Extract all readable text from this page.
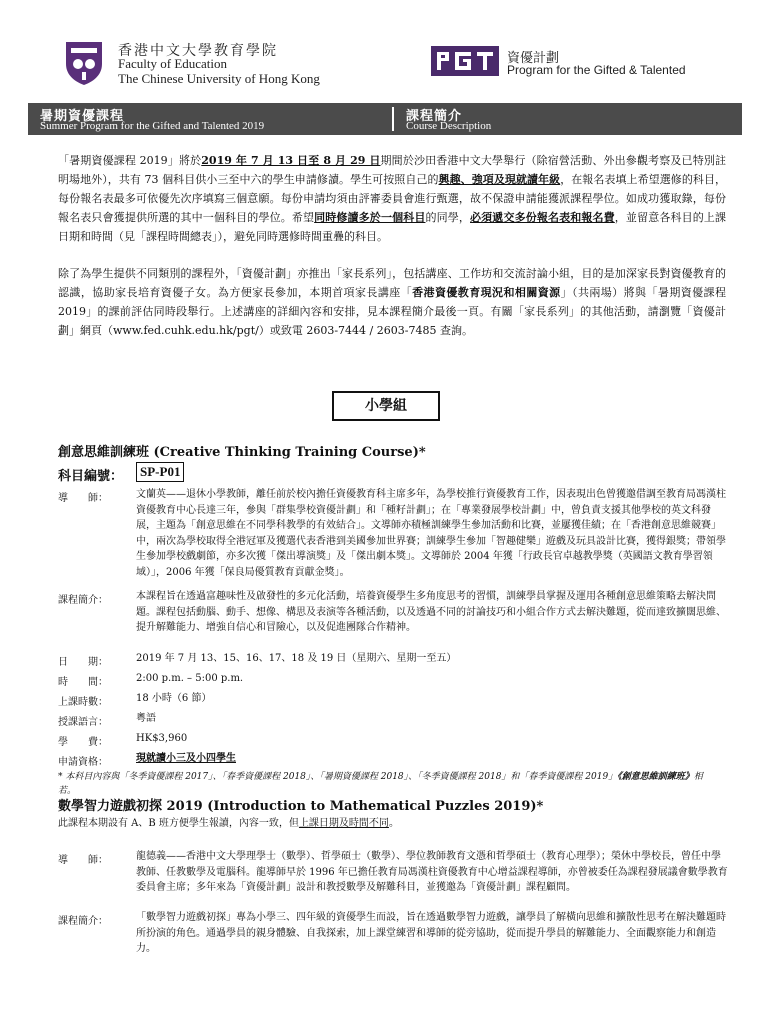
香港中文大學教育學院
Faculty of Education
The Chinese University of Hong Kong
資優計劃
Program for the Gifted & Talented
暑期資優課程
Summer Program for the Gifted and Talented 2019
課程簡介
Course Description
「暑期資優課程 2019」將於2019 年 7 月 13 日至 8 月 29 日期間於沙田香港中文大學舉行（除宿營活動、外出參觀考察及已特別註明場地外），共有 73 個科目供小三至中六的學生申請修讀。學生可按照自己的興趣、強項及現就讀年級，在報名表填上希望選修的科目，每份報名表最多可依優先次序填寫三個意願。每份申請均須由評審委員會進行甄選，故不保證申請能獲派課程學位。如成功獲取錄，每份報名表只會獲提供所選的其中一個科目的學位。希望同時修讀多於一個科目的同學，必須遞交多份報名表和報名費，並留意各科目的上課日期和時間（見「課程時間總表」），避免同時選修時間重疊的科目。
除了為學生提供不同類別的課程外，「資優計劃」亦推出「家長系列」，包括講座、工作坊和交流討論小組，目的是加深家長對資優教育的認識，協助家長培育資優子女。為方便家長參加，本期首項家長講座「香港資優教育現況和相關資源」（共兩場）將與「暑期資優課程 2019」的課前評估同時段舉行。上述講座的詳細內容和安排，見本課程簡介最後一頁。有關「家長系列」的其他活動，請瀏覽「資優計劃」網頁（www.fed.cuhk.edu.hk/pgt/）或致電 2603-7444 / 2603-7485 查詢。
小學組
創意思維訓練班 (Creative Thinking Training Course)*
科目編號：	SP-P01
導　　師：	文蘭英——退休小學教師，離任前於校內擔任資優教育科主席多年，為學校推行資優教育工作，因表現出色曾獲邀借調至教育局馮漢柱資優教育中心長達三年，參與「群集學校資優計劃」和「種籽計劃」；在「專業發展學校計劃」中，曾負責支援其他學校的英文科發展，主題為「創意思維在不同學科教學的有效結合」。文導師亦積極訓練學生參加活動和比賽，並屢獲佳績；在「香港創意思維競賽」中，兩次為學校取得全港冠軍及獲選代表香港到美國參加世界賽；訓練學生參加「智趣健樂」遊戲及玩具設計比賽，獲得銀獎；帶領學生參加學校戲劇節，亦多次獲「傑出導演獎」及「傑出劇本獎」。文導師於 2004 年獲「行政長官卓越教學獎（英國語文教育學習領域）」，2006 年獲「保良局優質教育貢獻金獎」。
課程簡介：	本課程旨在透過富趣味性及啟發性的多元化活動，培養資優學生多角度思考的習慣，訓練學員掌握及運用各種創意思維策略去解決問題。課程包括動腦、動手、想像、構思及表演等各種活動，以及透過不同的討論技巧和小組合作方式去解決難題，從而達致擴闊思維、提升解難能力、增強自信心和冒險心，以及促進團隊合作精神。
日　　期：	2019 年 7 月 13、15、16、17、18 及 19 日（星期六、星期一至五）
時　　間：	2:00 p.m. – 5:00 p.m.
上課時數：	18 小時（6 節）
授課語言：	粵語
學　　費：	HK$3,960
申請資格：	現就讀小三及小四學生
* 本科目內容與「冬季資優課程 2017」、「春季資優課程 2018」、「暑期資優課程 2018」、「冬季資優課程 2018」和「春季資優課程 2019」《創意思維訓練班》相若。
數學智力遊戲初探 2019 (Introduction to Mathematical Puzzles 2019)*
此課程本期設有 A、B 班方便學生報讀，內容一致，但上課日期及時間不同。
導　　師：	龍德義——香港中文大學理學士（數學）、哲學碩士（數學）、學位教師教育文憑和哲學碩士（教育心理學）；榮休中學校長，曾任中學教師、任教數學及電腦科。龍導師早於 1996 年已擔任教育局馮漢柱資優教育中心增益課程導師，亦曾被委任為課程發展議會數學教育委員會主席；多年來為「資優計劃」設計和教授數學及解難科目，並獲邀為「資優計劃」課程顧問。
課程簡介：	「數學智力遊戲初探」專為小學三、四年級的資優學生而設，旨在透過數學智力遊戲，讓學員了解橫向思維和擴散性思考在解決難題時所扮演的角色。通過學員的親身體驗、自我探索，加上課堂練習和導師的從旁協助，從而提升學員的解難能力、全面觀察能力和創造力。
